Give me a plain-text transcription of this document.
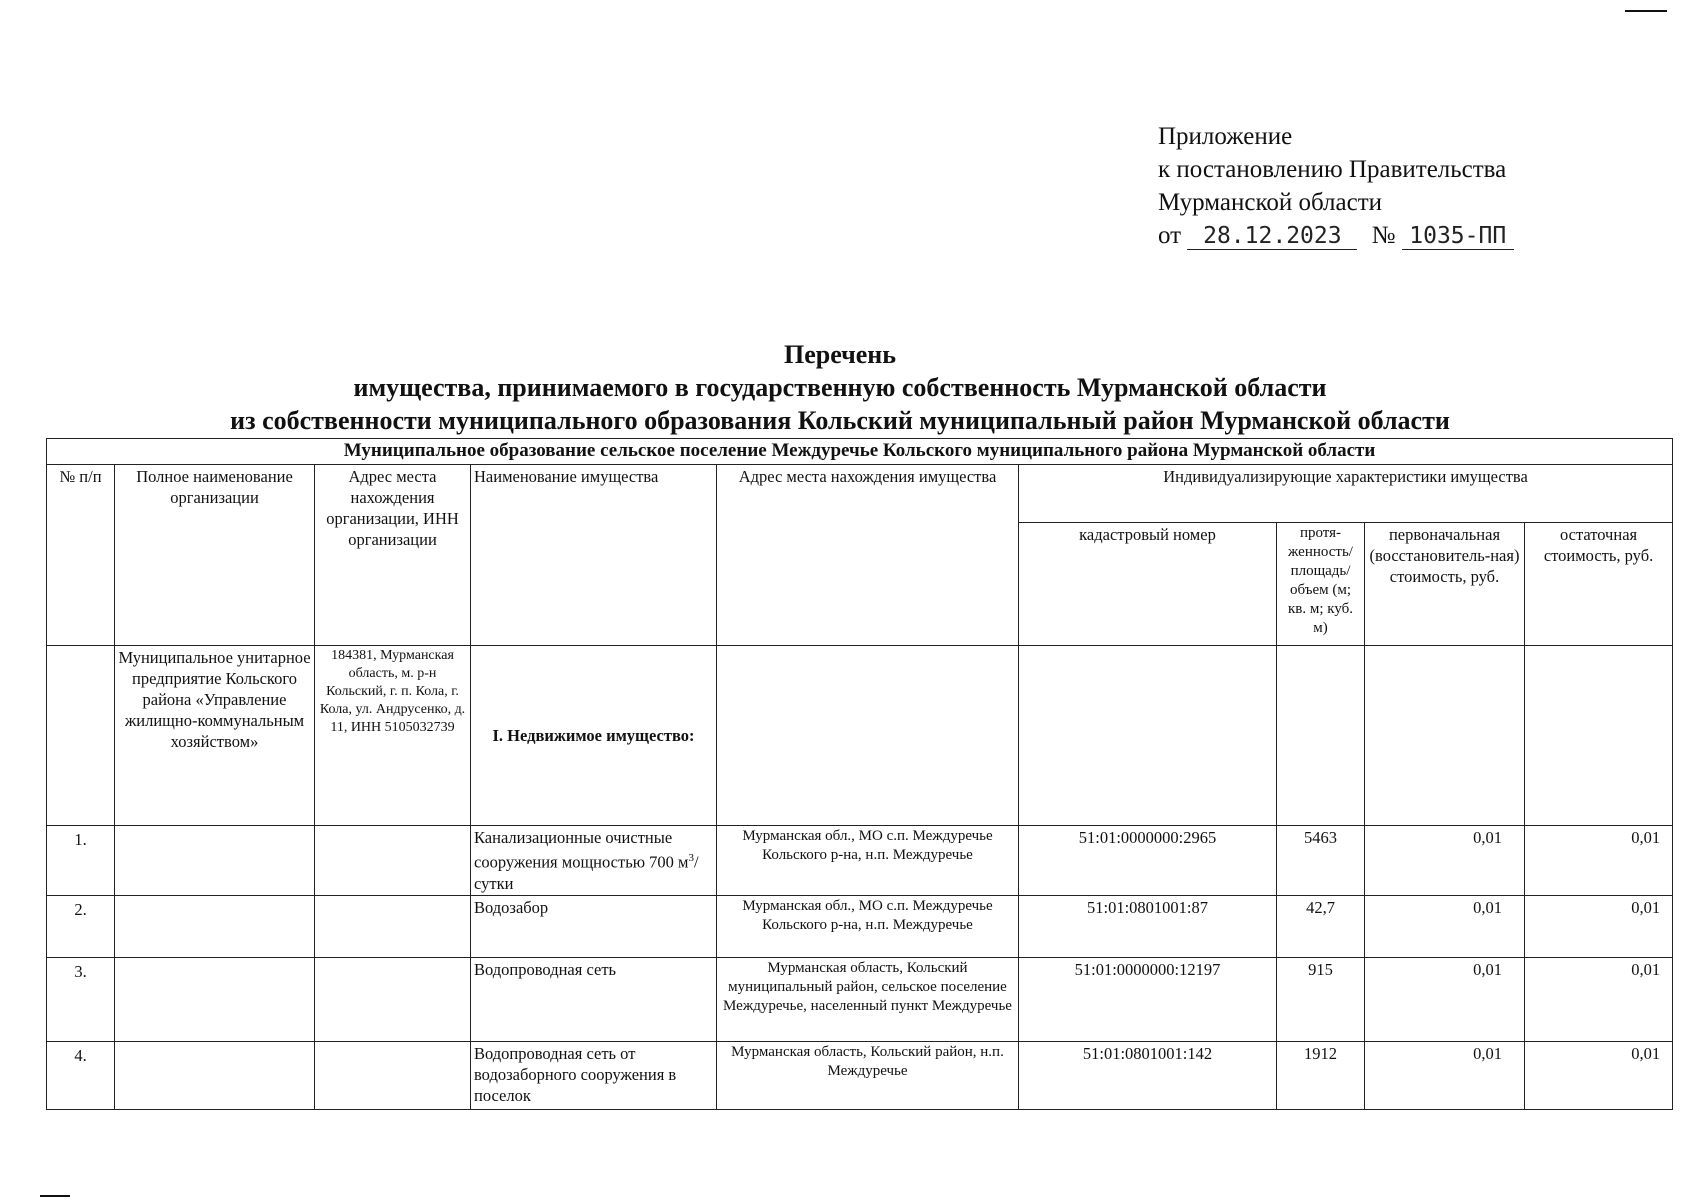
Приложение
к постановлению Правительства
Мурманской области
от 28.12.2023 № 1035-ПП
Перечень
имущества, принимаемого в государственную собственность Мурманской области
из собственности муниципального образования Кольский муниципальный район Мурманской области
Муниципальное образование сельское поселение Междуречье Кольского муниципального района Мурманской области								
№ п/п	Полное наименование организации	Адрес места нахождения организации, ИНН организации	Наименование имущества	Адрес места нахождения имущества	Индивидуализирующие характеристики имущества			
					кадастровый номер	протя-женность/ площадь/ объем (м; кв. м; куб. м)	первоначальная (восстановитель-ная) стоимость, руб.	остаточная стоимость, руб.
	Муниципальное унитарное предприятие Кольского района «Управление жилищно-коммунальным хозяйством»	184381, Мурманская область, м. р-н Кольский, г. п. Кола, г. Кола, ул. Андрусенко, д. 11, ИНН 5105032739	I. Недвижимое имущество:					
1.			Канализационные очистные сооружения мощностью 700 $м^3/$ сутки	Мурманская обл., МО с.п. Междуречье Кольского р-на, н.п. Междуречье	51:01:0000000:2965	5463	0,01	0,01
2.			Водозабор	Мурманская обл., МО с.п. Междуречье Кольского р-на, н.п. Междуречье	51:01:0801001:87	42,7	0,01	0,01
3.			Водопроводная сеть	Мурманская область, Кольский муниципальный район, сельское поселение Междуречье, населенный пункт Междуречье	51:01:0000000:12197	915	0,01	0,01
4.			Водопроводная сеть от водозаборного сооружения в поселок	Мурманская область, Кольский район, н.п. Междуречье	51:01:0801001:142	1912	0,01	0,01
